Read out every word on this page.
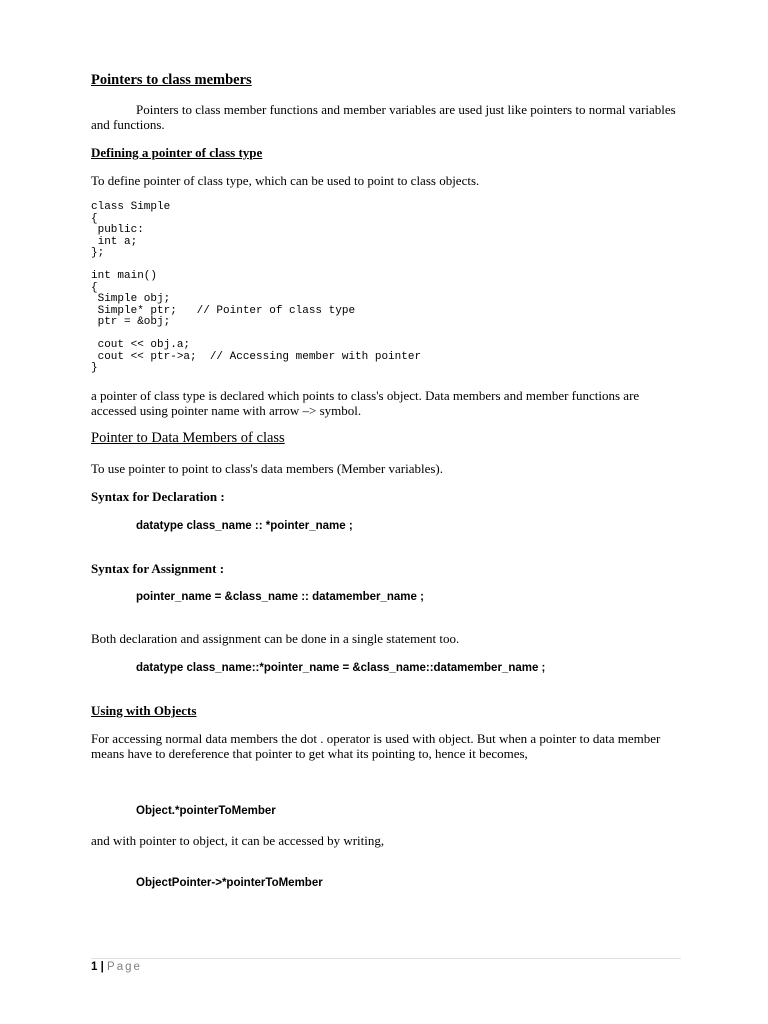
Pointers to class members

Pointers to class member functions and member variables are used just like pointers to normal variables and functions.

Defining a pointer of class type

To define pointer of class type, which can be used to point to class objects.

class Simple
{
public:
int a;
};

int main()
{
Simple obj;
Simple* ptr;   // Pointer of class type
ptr = &obj;

cout << obj.a;
cout << ptr->a;  // Accessing member with pointer
}

a pointer of class type is declared which points to class's object. Data members and member functions are accessed using pointer name with arrow –> symbol.

Pointer to Data Members of class

To use pointer to point to class's data members (Member variables).

Syntax for Declaration :

datatype class_name :: *pointer_name ;

Syntax for Assignment :

pointer_name = &class_name :: datamember_name ;

Both declaration and assignment can be done in a single statement too.

datatype class_name::*pointer_name = &class_name::datamember_name ;

Using with Objects

For accessing normal data members the dot . operator is used with object. But when a pointer to data member means have to dereference that pointer to get what its pointing to, hence it becomes,

Object.*pointerToMember

and with pointer to object, it can be accessed by writing,

ObjectPointer->*pointerToMember

1 | Page
